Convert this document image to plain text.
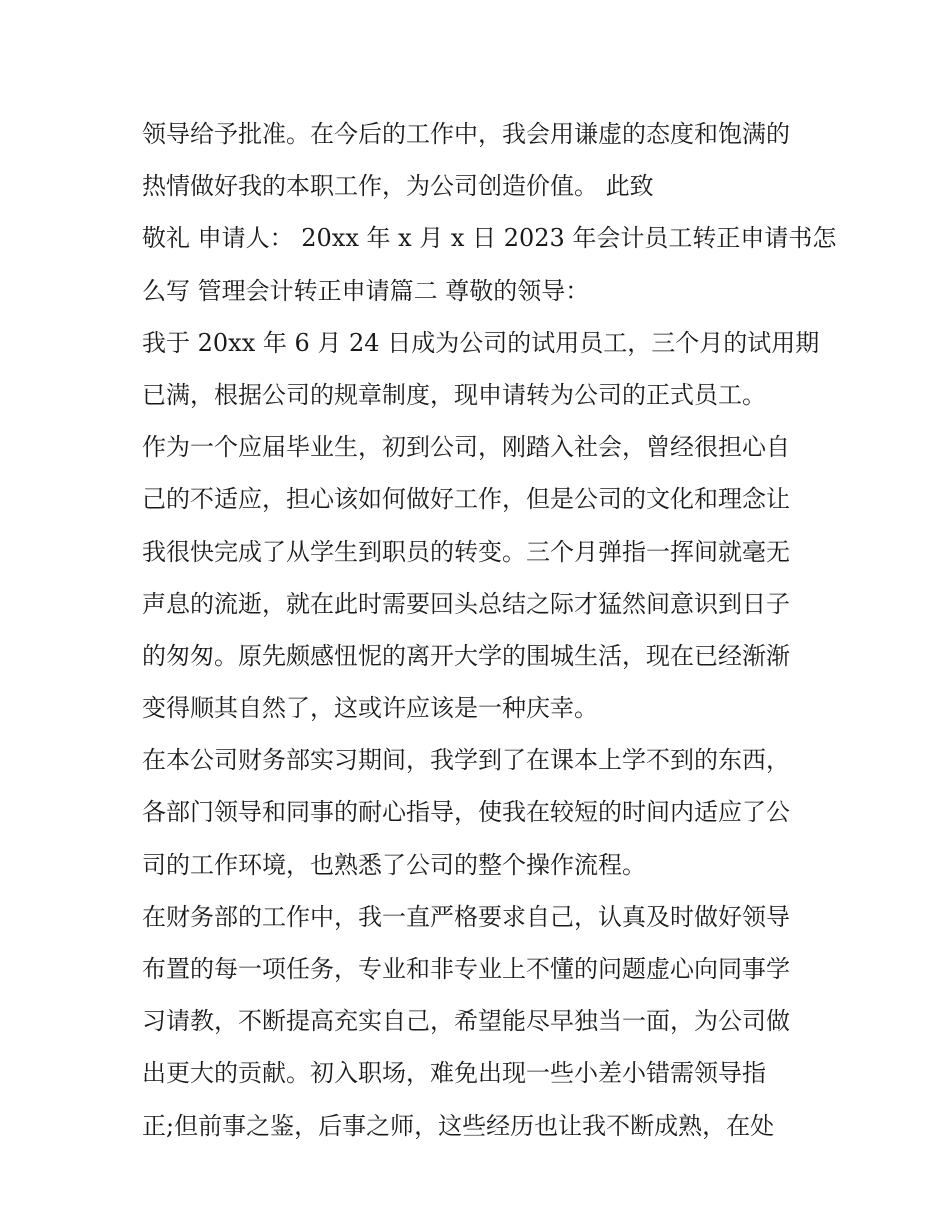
领导给予批准。在今后的工作中，我会用谦虚的态度和饱满的
热情做好我的本职工作，为公司创造价值。 此致
敬礼 申请人： 20xx 年 x 月 x 日 2023 年会计员工转正申请书怎
么写 管理会计转正申请篇二 尊敬的领导：
我于 20xx 年 6 月 24 日成为公司的试用员工，三个月的试用期
已满，根据公司的规章制度，现申请转为公司的正式员工。
作为一个应届毕业生，初到公司，刚踏入社会，曾经很担心自
己的不适应，担心该如何做好工作，但是公司的文化和理念让
我很快完成了从学生到职员的转变。三个月弹指一挥间就毫无
声息的流逝，就在此时需要回头总结之际才猛然间意识到日子
的匆匆。原先颇感忸怩的离开大学的围城生活，现在已经渐渐
变得顺其自然了，这或许应该是一种庆幸。
在本公司财务部实习期间，我学到了在课本上学不到的东西，
各部门领导和同事的耐心指导，使我在较短的时间内适应了公
司的工作环境，也熟悉了公司的整个操作流程。
在财务部的工作中，我一直严格要求自己，认真及时做好领导
布置的每一项任务，专业和非专业上不懂的问题虚心向同事学
习请教，不断提高充实自己，希望能尽早独当一面，为公司做
出更大的贡献。初入职场，难免出现一些小差小错需领导指
正;但前事之鉴，后事之师，这些经历也让我不断成熟，在处
